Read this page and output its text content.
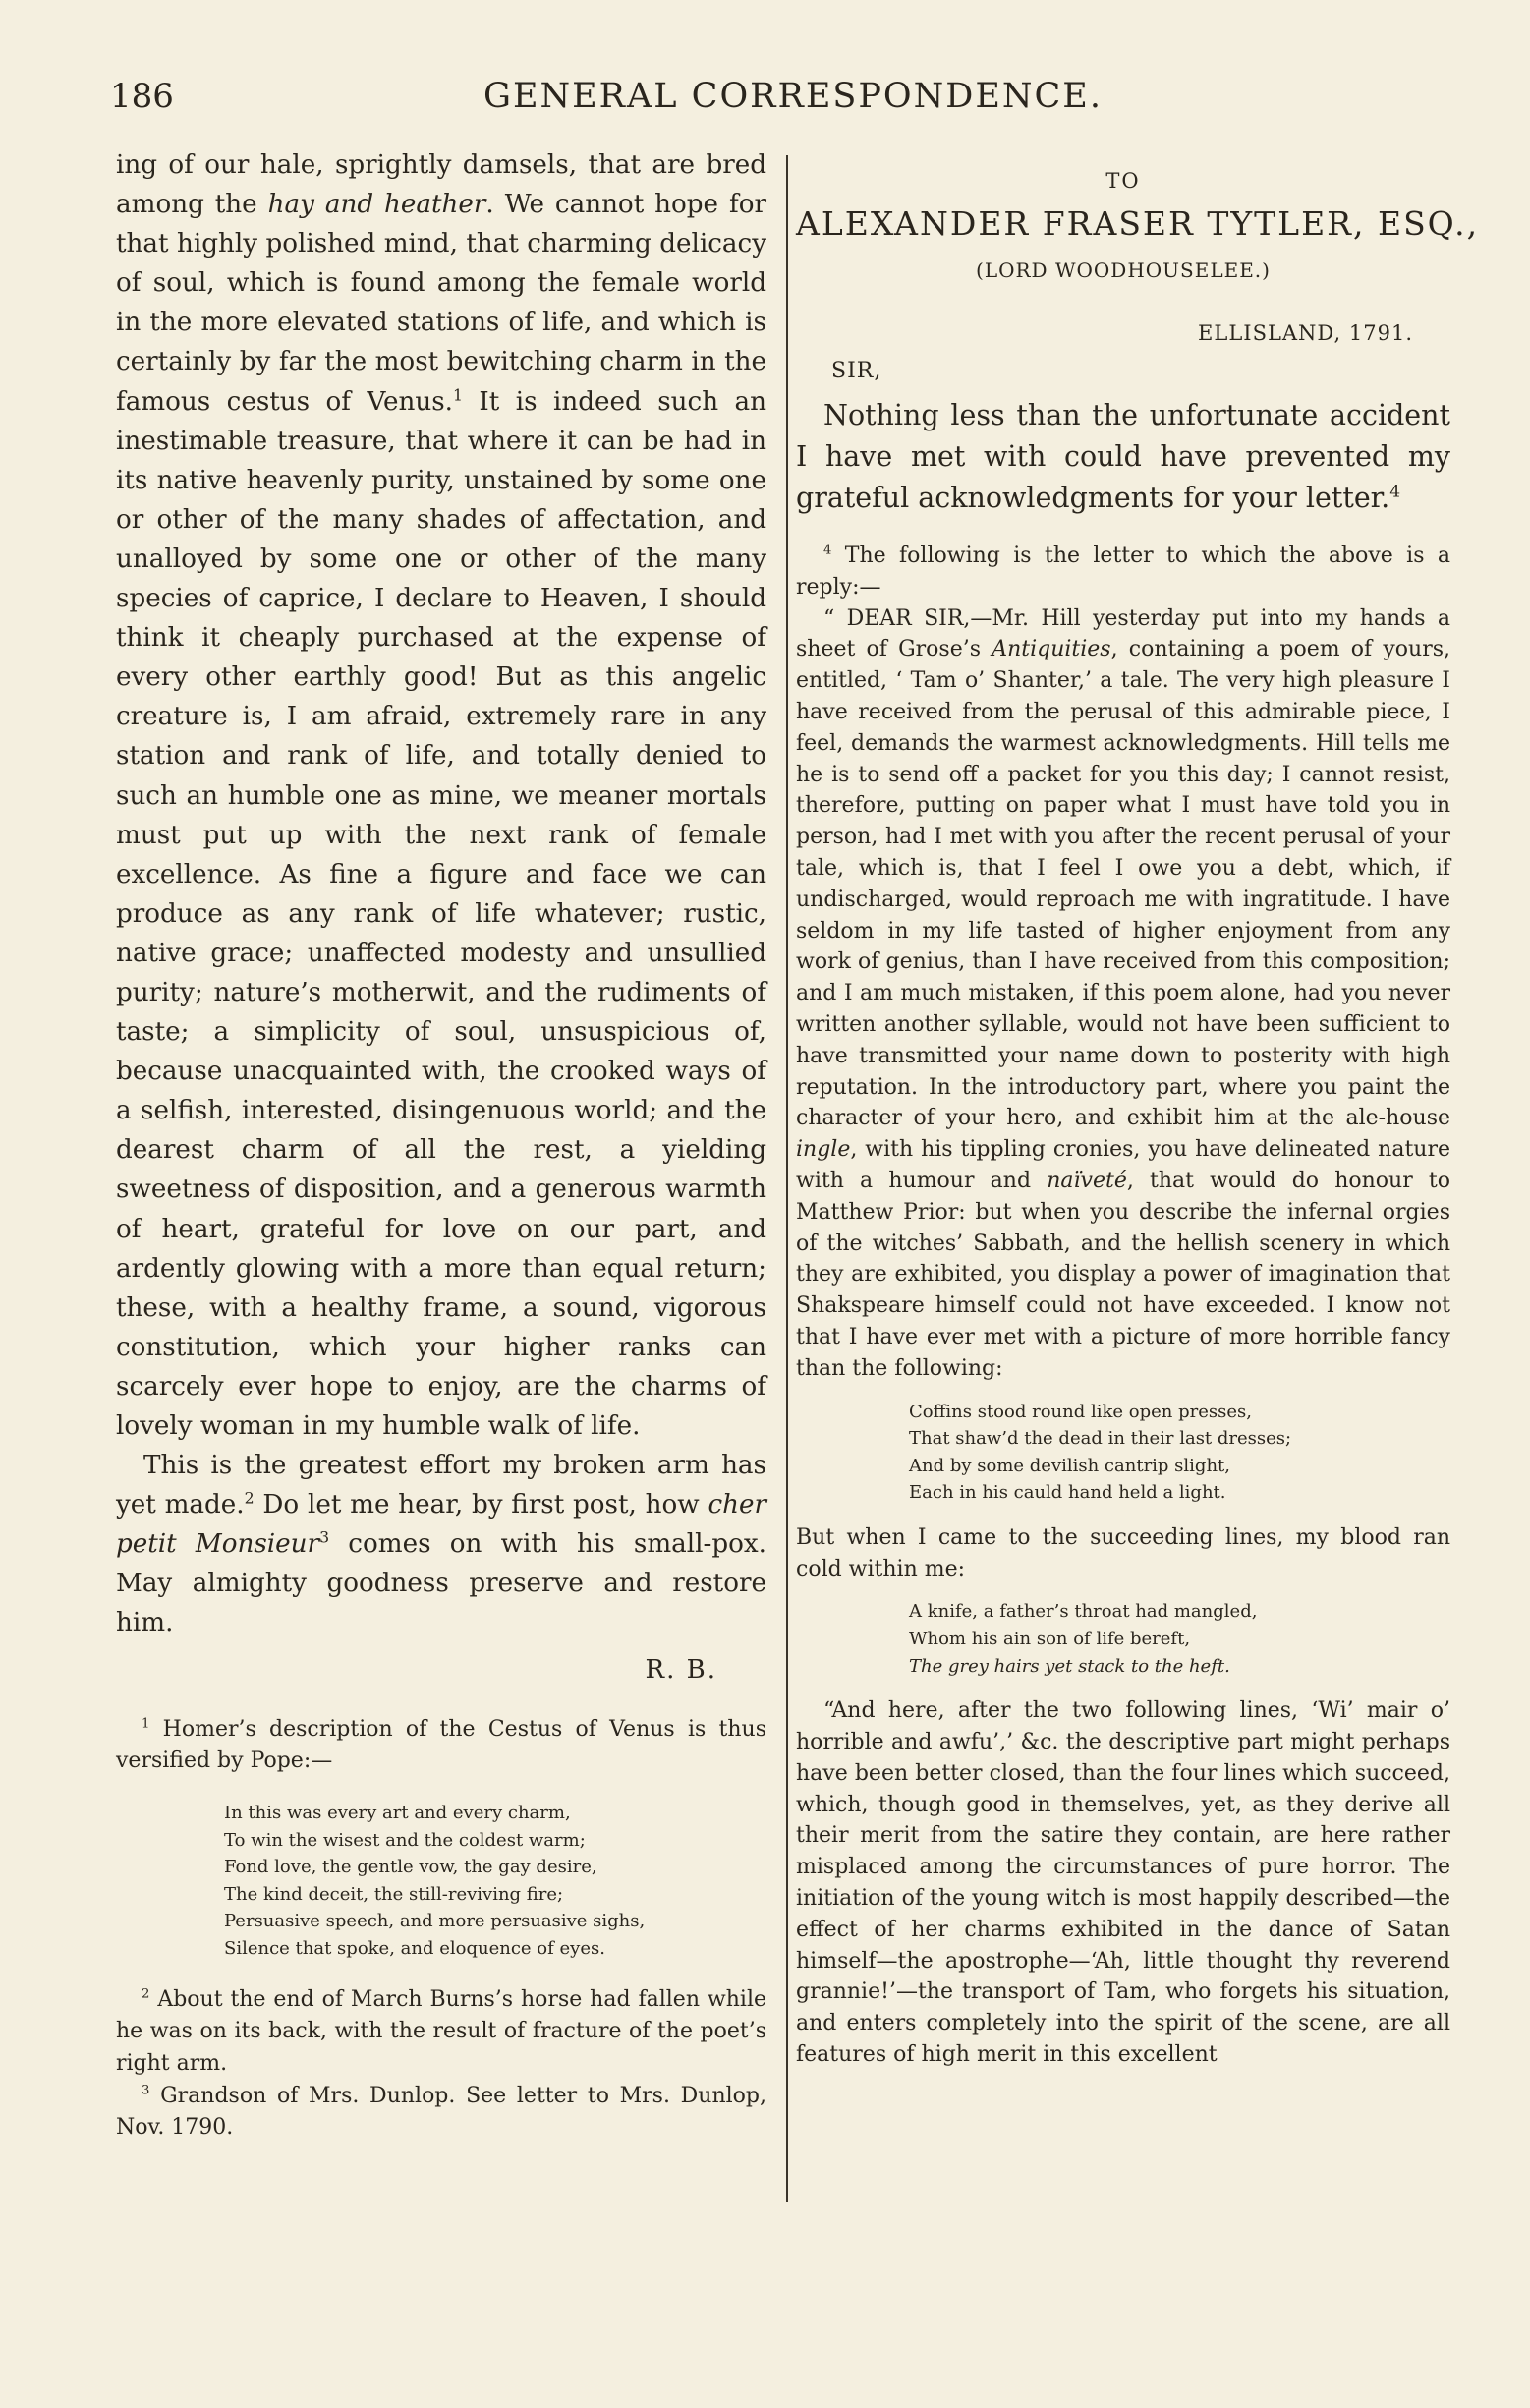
186	GENERAL CORRESPONDENCE.

ing of our hale, sprightly damsels, that are bred among the hay and heather. We cannot hope for that highly polished mind, that charming delicacy of soul, which is found among the female world in the more elevated stations of life, and which is certainly by far the most bewitching charm in the famous cestus of Venus.$^1$ It is indeed such an inestimable treasure, that where it can be had in its native heavenly purity, unstained by some one or other of the many shades of affectation, and unalloyed by some one or other of the many species of caprice, I declare to Heaven, I should think it cheaply purchased at the expense of every other earthly good! But as this angelic creature is, I am afraid, extremely rare in any station and rank of life, and totally denied to such an humble one as mine, we meaner mortals must put up with the next rank of female excellence. As fine a figure and face we can produce as any rank of life whatever; rustic, native grace; unaffected modesty and unsullied purity; nature’s motherwit, and the rudiments of taste; a simplicity of soul, unsuspicious of, because unacquainted with, the crooked ways of a selfish, interested, disingenuous world; and the dearest charm of all the rest, a yielding sweetness of disposition, and a generous warmth of heart, grateful for love on our part, and ardently glowing with a more than equal return; these, with a healthy frame, a sound, vigorous constitution, which your higher ranks can scarcely ever hope to enjoy, are the charms of lovely woman in my humble walk of life.

This is the greatest effort my broken arm has yet made.$^2$ Do let me hear, by first post, how cher petit Monsieur$^3$ comes on with his small-pox. May almighty goodness preserve and restore him.

R. B.

$^1$ Homer’s description of the Cestus of Venus is thus versified by Pope:—

In this was every art and every charm,
To win the wisest and the coldest warm;
Fond love, the gentle vow, the gay desire,
The kind deceit, the still-reviving fire;
Persuasive speech, and more persuasive sighs,
Silence that spoke, and eloquence of eyes.

$^2$ About the end of March Burns’s horse had fallen while he was on its back, with the result of fracture of the poet’s right arm.

$^3$ Grandson of Mrs. Dunlop. See letter to Mrs. Dunlop, Nov. 1790.

TO

ALEXANDER FRASER TYTLER, ESQ.,

(LORD WOODHOUSELEE.)

ELLISLAND, 1791.

SIR,

Nothing less than the unfortunate accident I have met with could have prevented my grateful acknowledgments for your letter.$^4$

$^4$ The following is the letter to which the above is a reply:—

“ DEAR SIR,—Mr. Hill yesterday put into my hands a sheet of Grose’s Antiquities, containing a poem of yours, entitled, ‘ Tam o’ Shanter,’ a tale. The very high pleasure I have received from the perusal of this admirable piece, I feel, demands the warmest acknowledgments. Hill tells me he is to send off a packet for you this day; I cannot resist, therefore, putting on paper what I must have told you in person, had I met with you after the recent perusal of your tale, which is, that I feel I owe you a debt, which, if undischarged, would reproach me with ingratitude. I have seldom in my life tasted of higher enjoyment from any work of genius, than I have received from this composition; and I am much mistaken, if this poem alone, had you never written another syllable, would not have been sufficient to have transmitted your name down to posterity with high reputation. In the introductory part, where you paint the character of your hero, and exhibit him at the ale-house ingle, with his tippling cronies, you have delineated nature with a humour and naïveté, that would do honour to Matthew Prior: but when you describe the infernal orgies of the witches’ Sabbath, and the hellish scenery in which they are exhibited, you display a power of imagination that Shakspeare himself could not have exceeded. I know not that I have ever met with a picture of more horrible fancy than the following:

Coffins stood round like open presses,
That shaw’d the dead in their last dresses;
And by some devilish cantrip slight,
Each in his cauld hand held a light.

But when I came to the succeeding lines, my blood ran cold within me:

A knife, a father’s throat had mangled,
Whom his ain son of life bereft,
The grey hairs yet stack to the heft.

“And here, after the two following lines, ‘Wi’ mair o’ horrible and awfu’,’ &c. the descriptive part might perhaps have been better closed, than the four lines which succeed, which, though good in themselves, yet, as they derive all their merit from the satire they contain, are here rather misplaced among the circumstances of pure horror. The initiation of the young witch is most happily described—the effect of her charms exhibited in the dance of Satan himself—the apostrophe—‘Ah, little thought thy reverend grannie!’—the transport of Tam, who forgets his situation, and enters completely into the spirit of the scene, are all features of high merit in this excellent
